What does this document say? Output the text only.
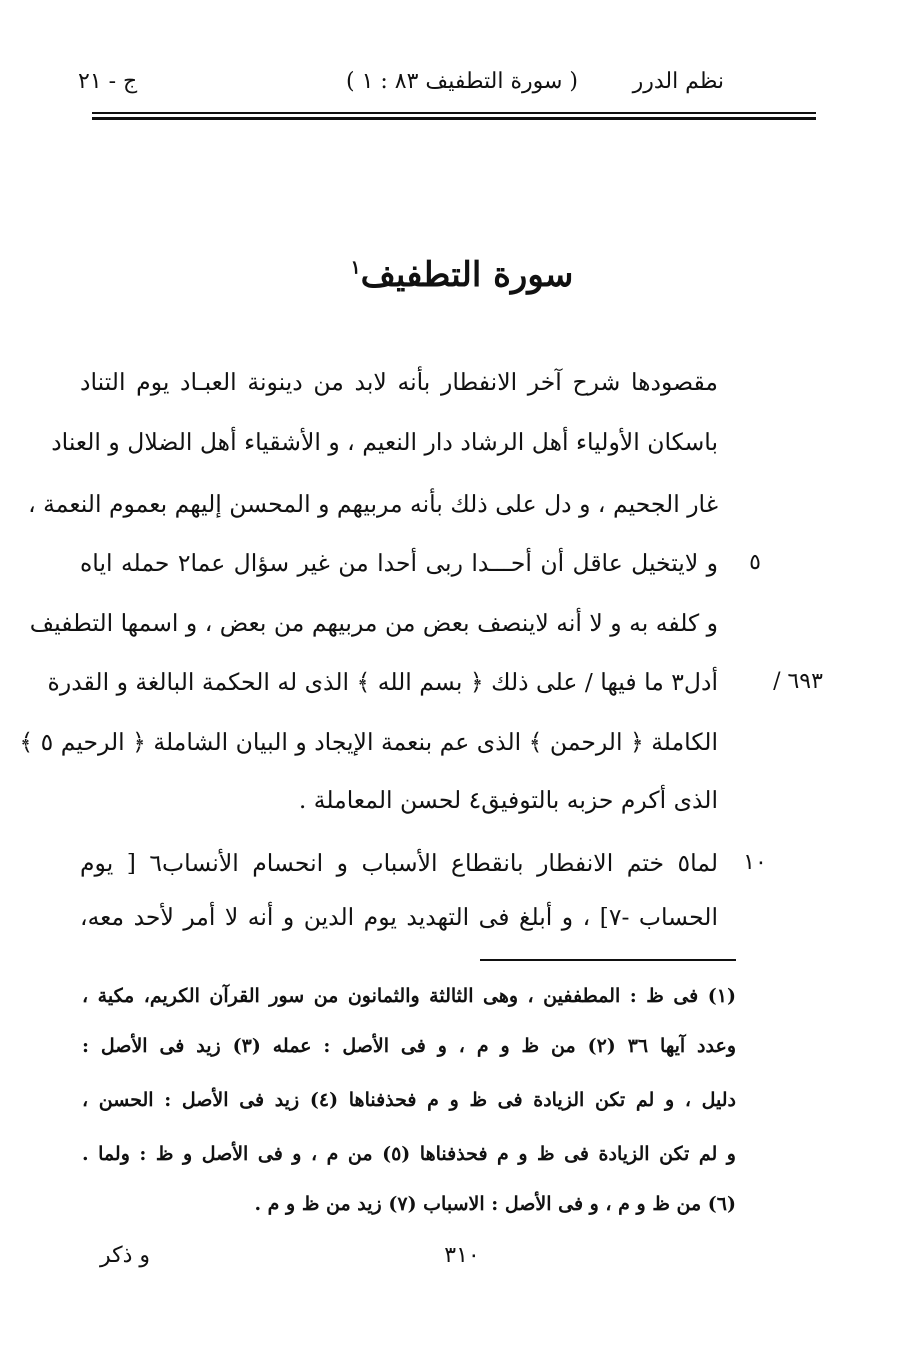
نظم الدرر
( سورة التطفيف ٨٣ : ١ )
ج - ٢١
سورة التطفيف$^١$
مقصودها شرح آخر الانفطار بأنه لابد من دينونة العبـاد يوم التناد
باسكان الأولياء أهل الرشاد دار النعيم ، و الأشقياء أهل الضلال و العناد
غار الجحيم ، و دل على ذلك بأنه مربيهم و المحسن إليهم بعموم النعمة ،
و لايتخيل عاقل أن أحـــدا ربى أحدا من غير سؤال عما٢ حمله اياه	٥
و كلفه به و لا أنه لاينصف بعض من مربيهم من بعض ، و اسمها التطفيف
أدل٣ ما فيها / على ذلك ﴿ بسم الله ﴾ الذى له الحكمة البالغة و القدرة	٦٩٣ /
الكاملة ﴿ الرحمن ﴾ الذى عم بنعمة الإيجاد و البيان الشاملة ﴿ الرحيم ٥ ﴾
الذى أكرم حزبه بالتوفيق٤ لحسن المعاملة .
لما٥ ختم الانفطار بانقطاع الأسباب و انحسام الأنساب٦ [ يوم ١٠
الحساب -٧] ، و أبلغ فى التهديد يوم الدين و أنه لا أمر لأحد معه،
(١) فى ظ : المطففين ، وهى الثالثة والثمانون من سور القرآن الكريم، مكية ،
وعدد آيها ٣٦ (٢) من ظ و م ، و فى الأصل : عمله (٣) زيد فى الأصل :
دليل ، و لم تكن الزيادة فى ظ و م فحذفناها (٤) زيد فى الأصل : الحسن ،
و لم تكن الزيادة فى ظ و م فحذفناها (٥) من م ، و فى الأصل و ظ : ولما .
(٦) من ظ و م ، و فى الأصل : الاسباب (٧) زيد من ظ و م .
٣١٠
و ذكر
